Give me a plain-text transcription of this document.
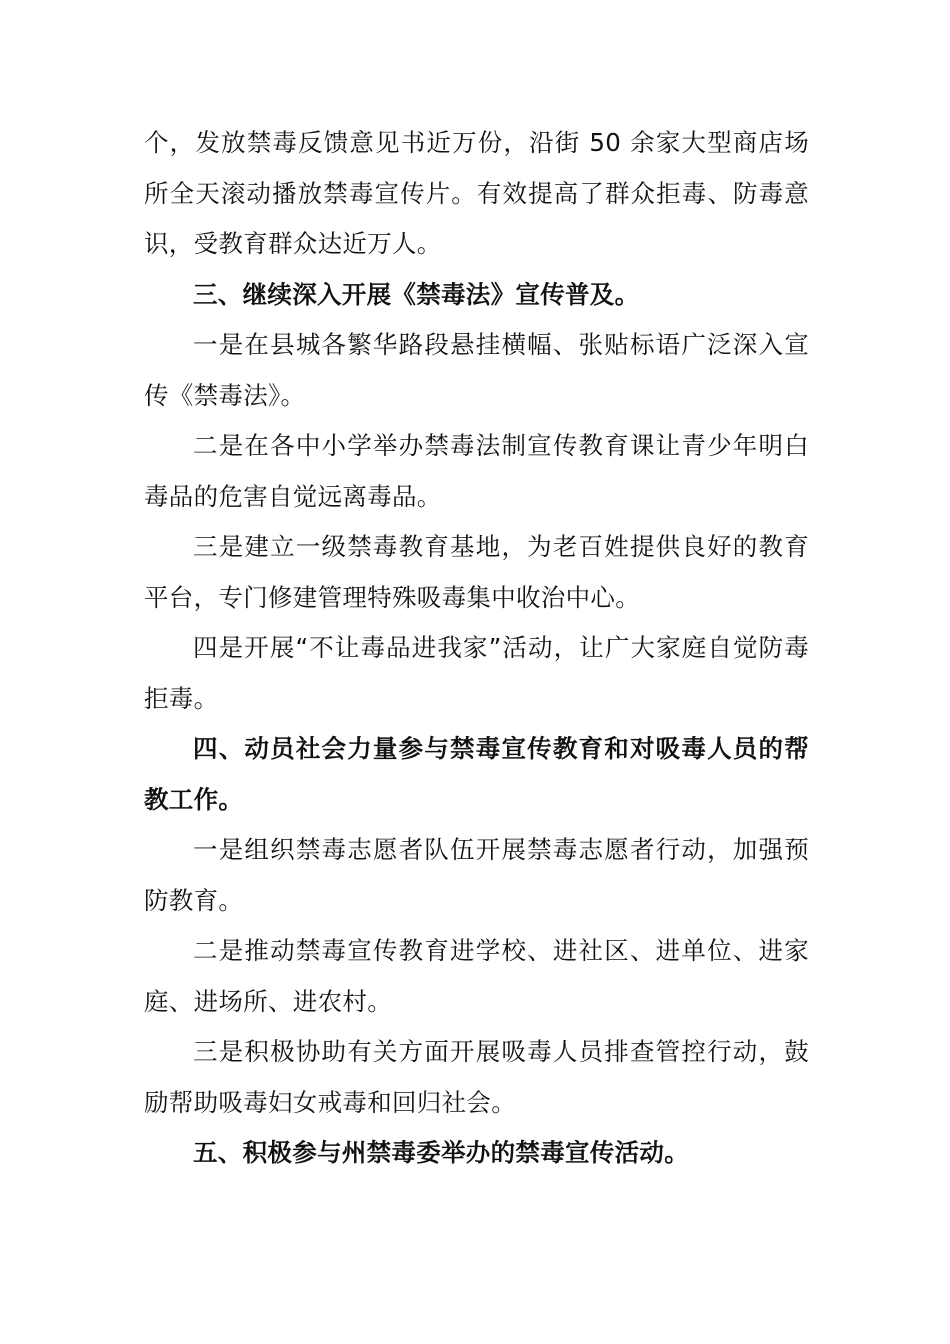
个，发放禁毒反馈意见书近万份，沿街 50 余家大型商店场所全天滚动播放禁毒宣传片。有效提高了群众拒毒、防毒意识，受教育群众达近万人。

三、继续深入开展《禁毒法》宣传普及。

一是在县城各繁华路段悬挂横幅、张贴标语广泛深入宣传《禁毒法》。

二是在各中小学举办禁毒法制宣传教育课让青少年明白毒品的危害自觉远离毒品。

三是建立一级禁毒教育基地，为老百姓提供良好的教育平台，专门修建管理特殊吸毒集中收治中心。

四是开展“不让毒品进我家”活动，让广大家庭自觉防毒拒毒。

四、动员社会力量参与禁毒宣传教育和对吸毒人员的帮教工作。

一是组织禁毒志愿者队伍开展禁毒志愿者行动，加强预防教育。

二是推动禁毒宣传教育进学校、进社区、进单位、进家庭、进场所、进农村。

三是积极协助有关方面开展吸毒人员排查管控行动，鼓励帮助吸毒妇女戒毒和回归社会。

五、积极参与州禁毒委举办的禁毒宣传活动。
